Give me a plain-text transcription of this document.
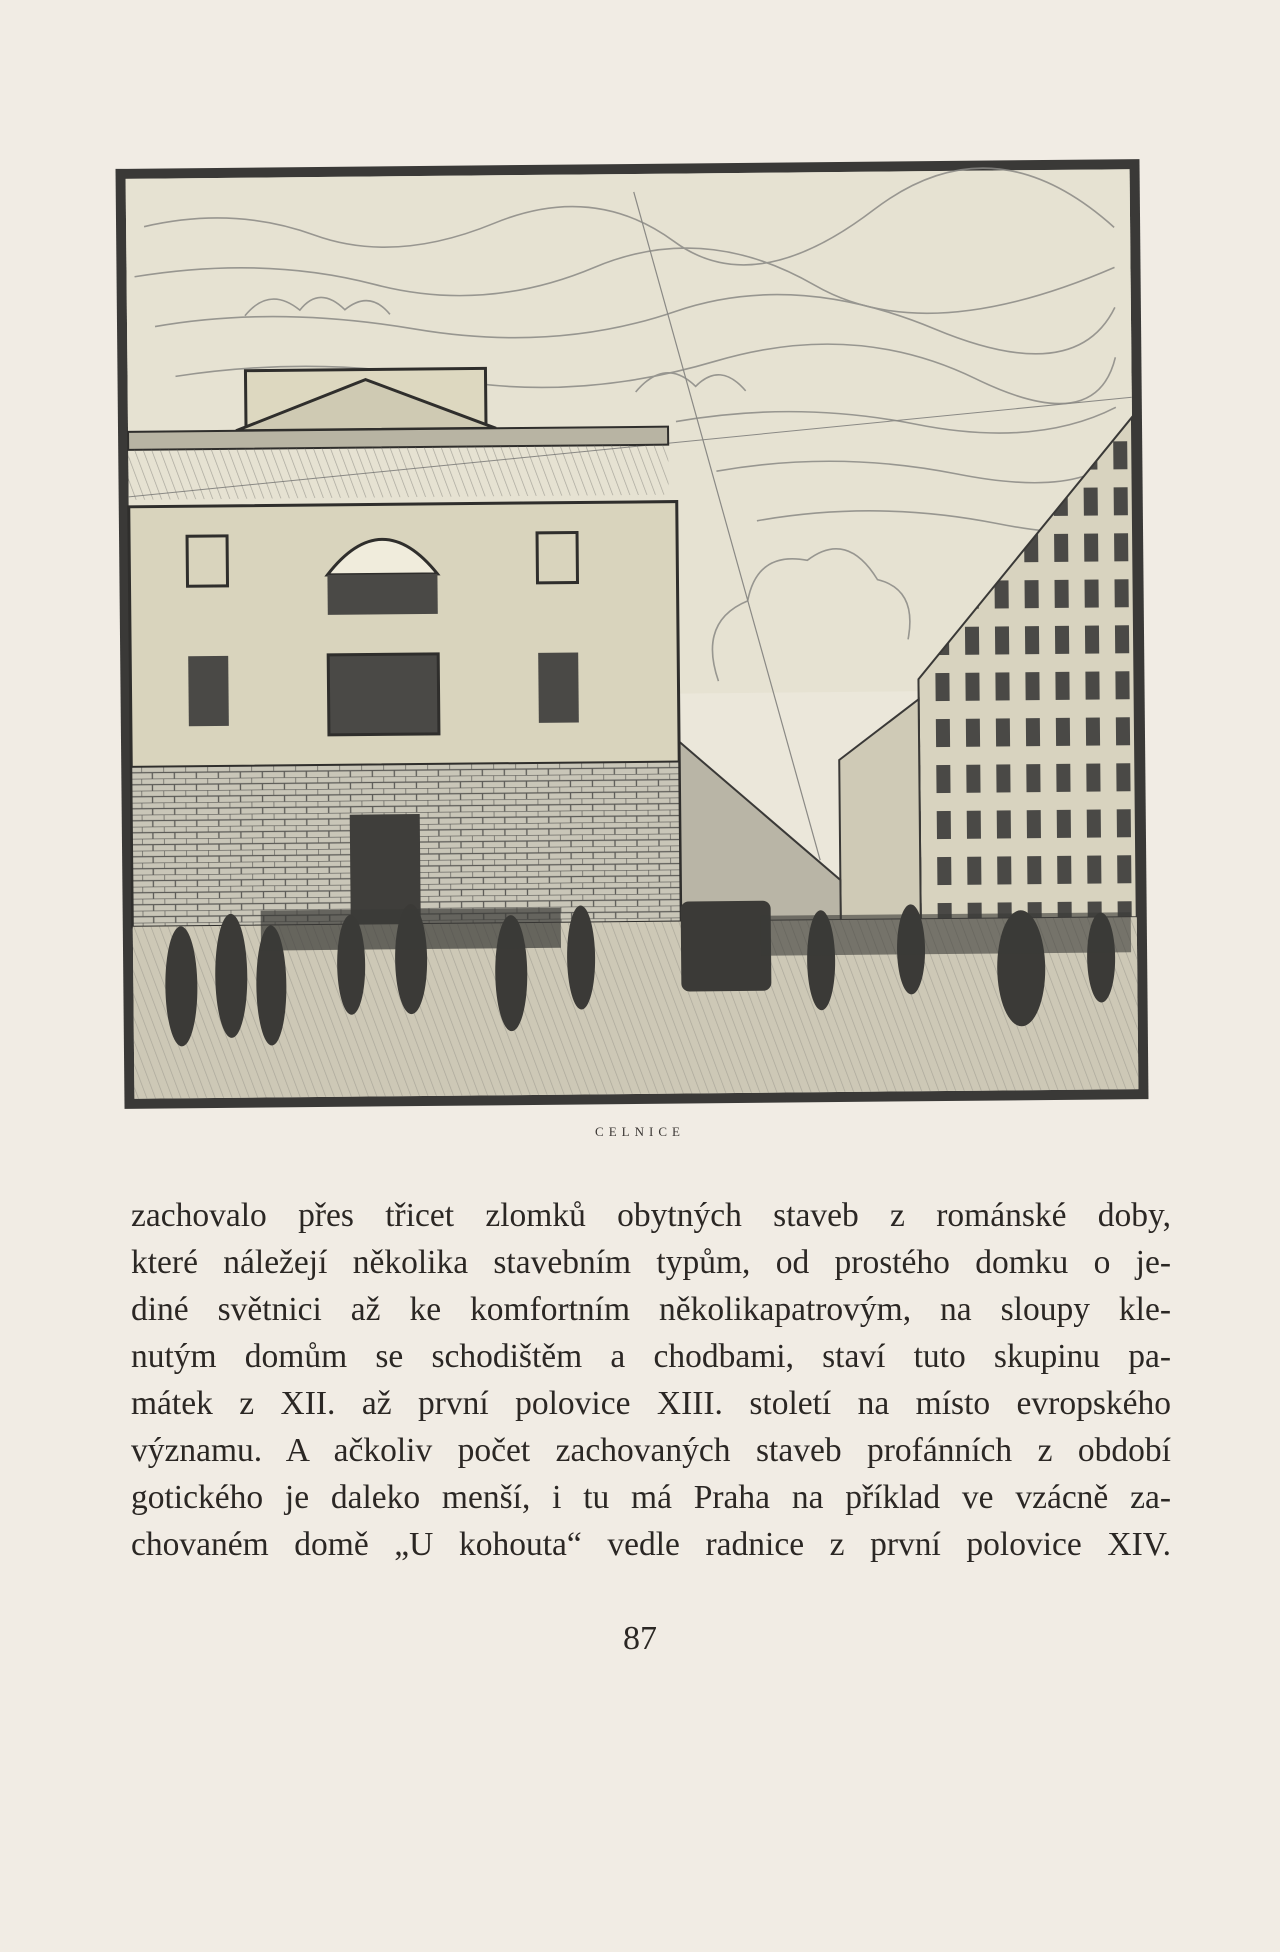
CELNICE
zachovalo přes třicet zlomků obytných staveb z románské doby,
které náležejí několika stavebním typům, od prostého domku o je-
diné světnici až ke komfortním několikapatrovým, na sloupy kle-
nutým domům se schodištěm a chodbami, staví tuto skupinu pa-
mátek z XII. až první polovice XIII. století na místo evropského
významu. A ačkoliv počet zachovaných staveb profánních z období
gotického je daleko menší, i tu má Praha na příklad ve vzácně za-
chovaném domě „U kohouta“ vedle radnice z první polovice XIV.
87
